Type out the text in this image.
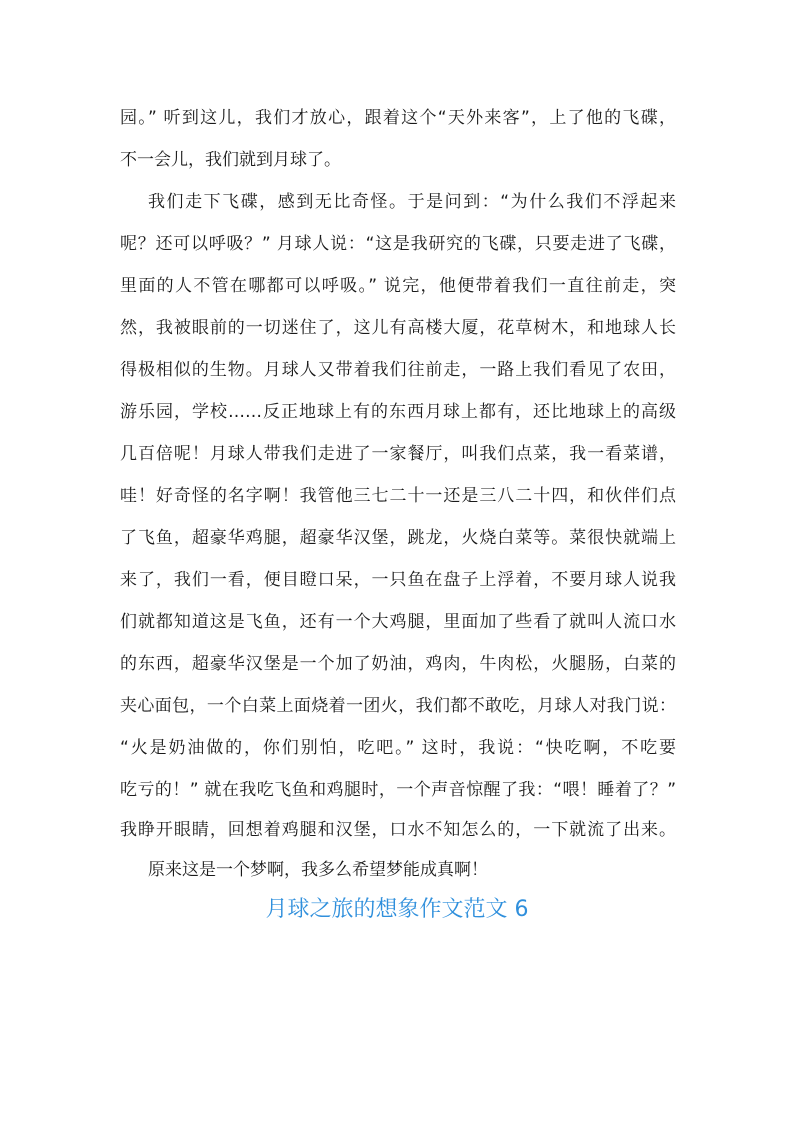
园。” 听到这儿，我们才放心，跟着这个“天外来客”，上了他的飞碟，
不一会儿，我们就到月球了。
我们走下飞碟，感到无比奇怪。于是问到：“为什么我们不浮起来
呢？还可以呼吸？” 月球人说：“这是我研究的飞碟，只要走进了飞碟，
里面的人不管在哪都可以呼吸。” 说完，他便带着我们一直往前走，突
然，我被眼前的一切迷住了，这儿有高楼大厦，花草树木，和地球人长
得极相似的生物。月球人又带着我们往前走，一路上我们看见了农田，
游乐园，学校……反正地球上有的东西月球上都有，还比地球上的高级
几百倍呢！月球人带我们走进了一家餐厅，叫我们点菜，我一看菜谱，
哇！好奇怪的名字啊！我管他三七二十一还是三八二十四，和伙伴们点
了飞鱼，超豪华鸡腿，超豪华汉堡，跳龙，火烧白菜等。菜很快就端上
来了，我们一看，便目瞪口呆，一只鱼在盘子上浮着，不要月球人说我
们就都知道这是飞鱼，还有一个大鸡腿，里面加了些看了就叫人流口水
的东西，超豪华汉堡是一个加了奶油，鸡肉，牛肉松，火腿肠，白菜的
夹心面包，一个白菜上面烧着一团火，我们都不敢吃，月球人对我门说：
“火是奶油做的，你们别怕，吃吧。” 这时，我说：“快吃啊，不吃要
吃亏的！” 就在我吃飞鱼和鸡腿时，一个声音惊醒了我：“喂！睡着了？”
我睁开眼睛，回想着鸡腿和汉堡，口水不知怎么的，一下就流了出来。
原来这是一个梦啊，我多么希望梦能成真啊！
月球之旅的想象作文范文 6
